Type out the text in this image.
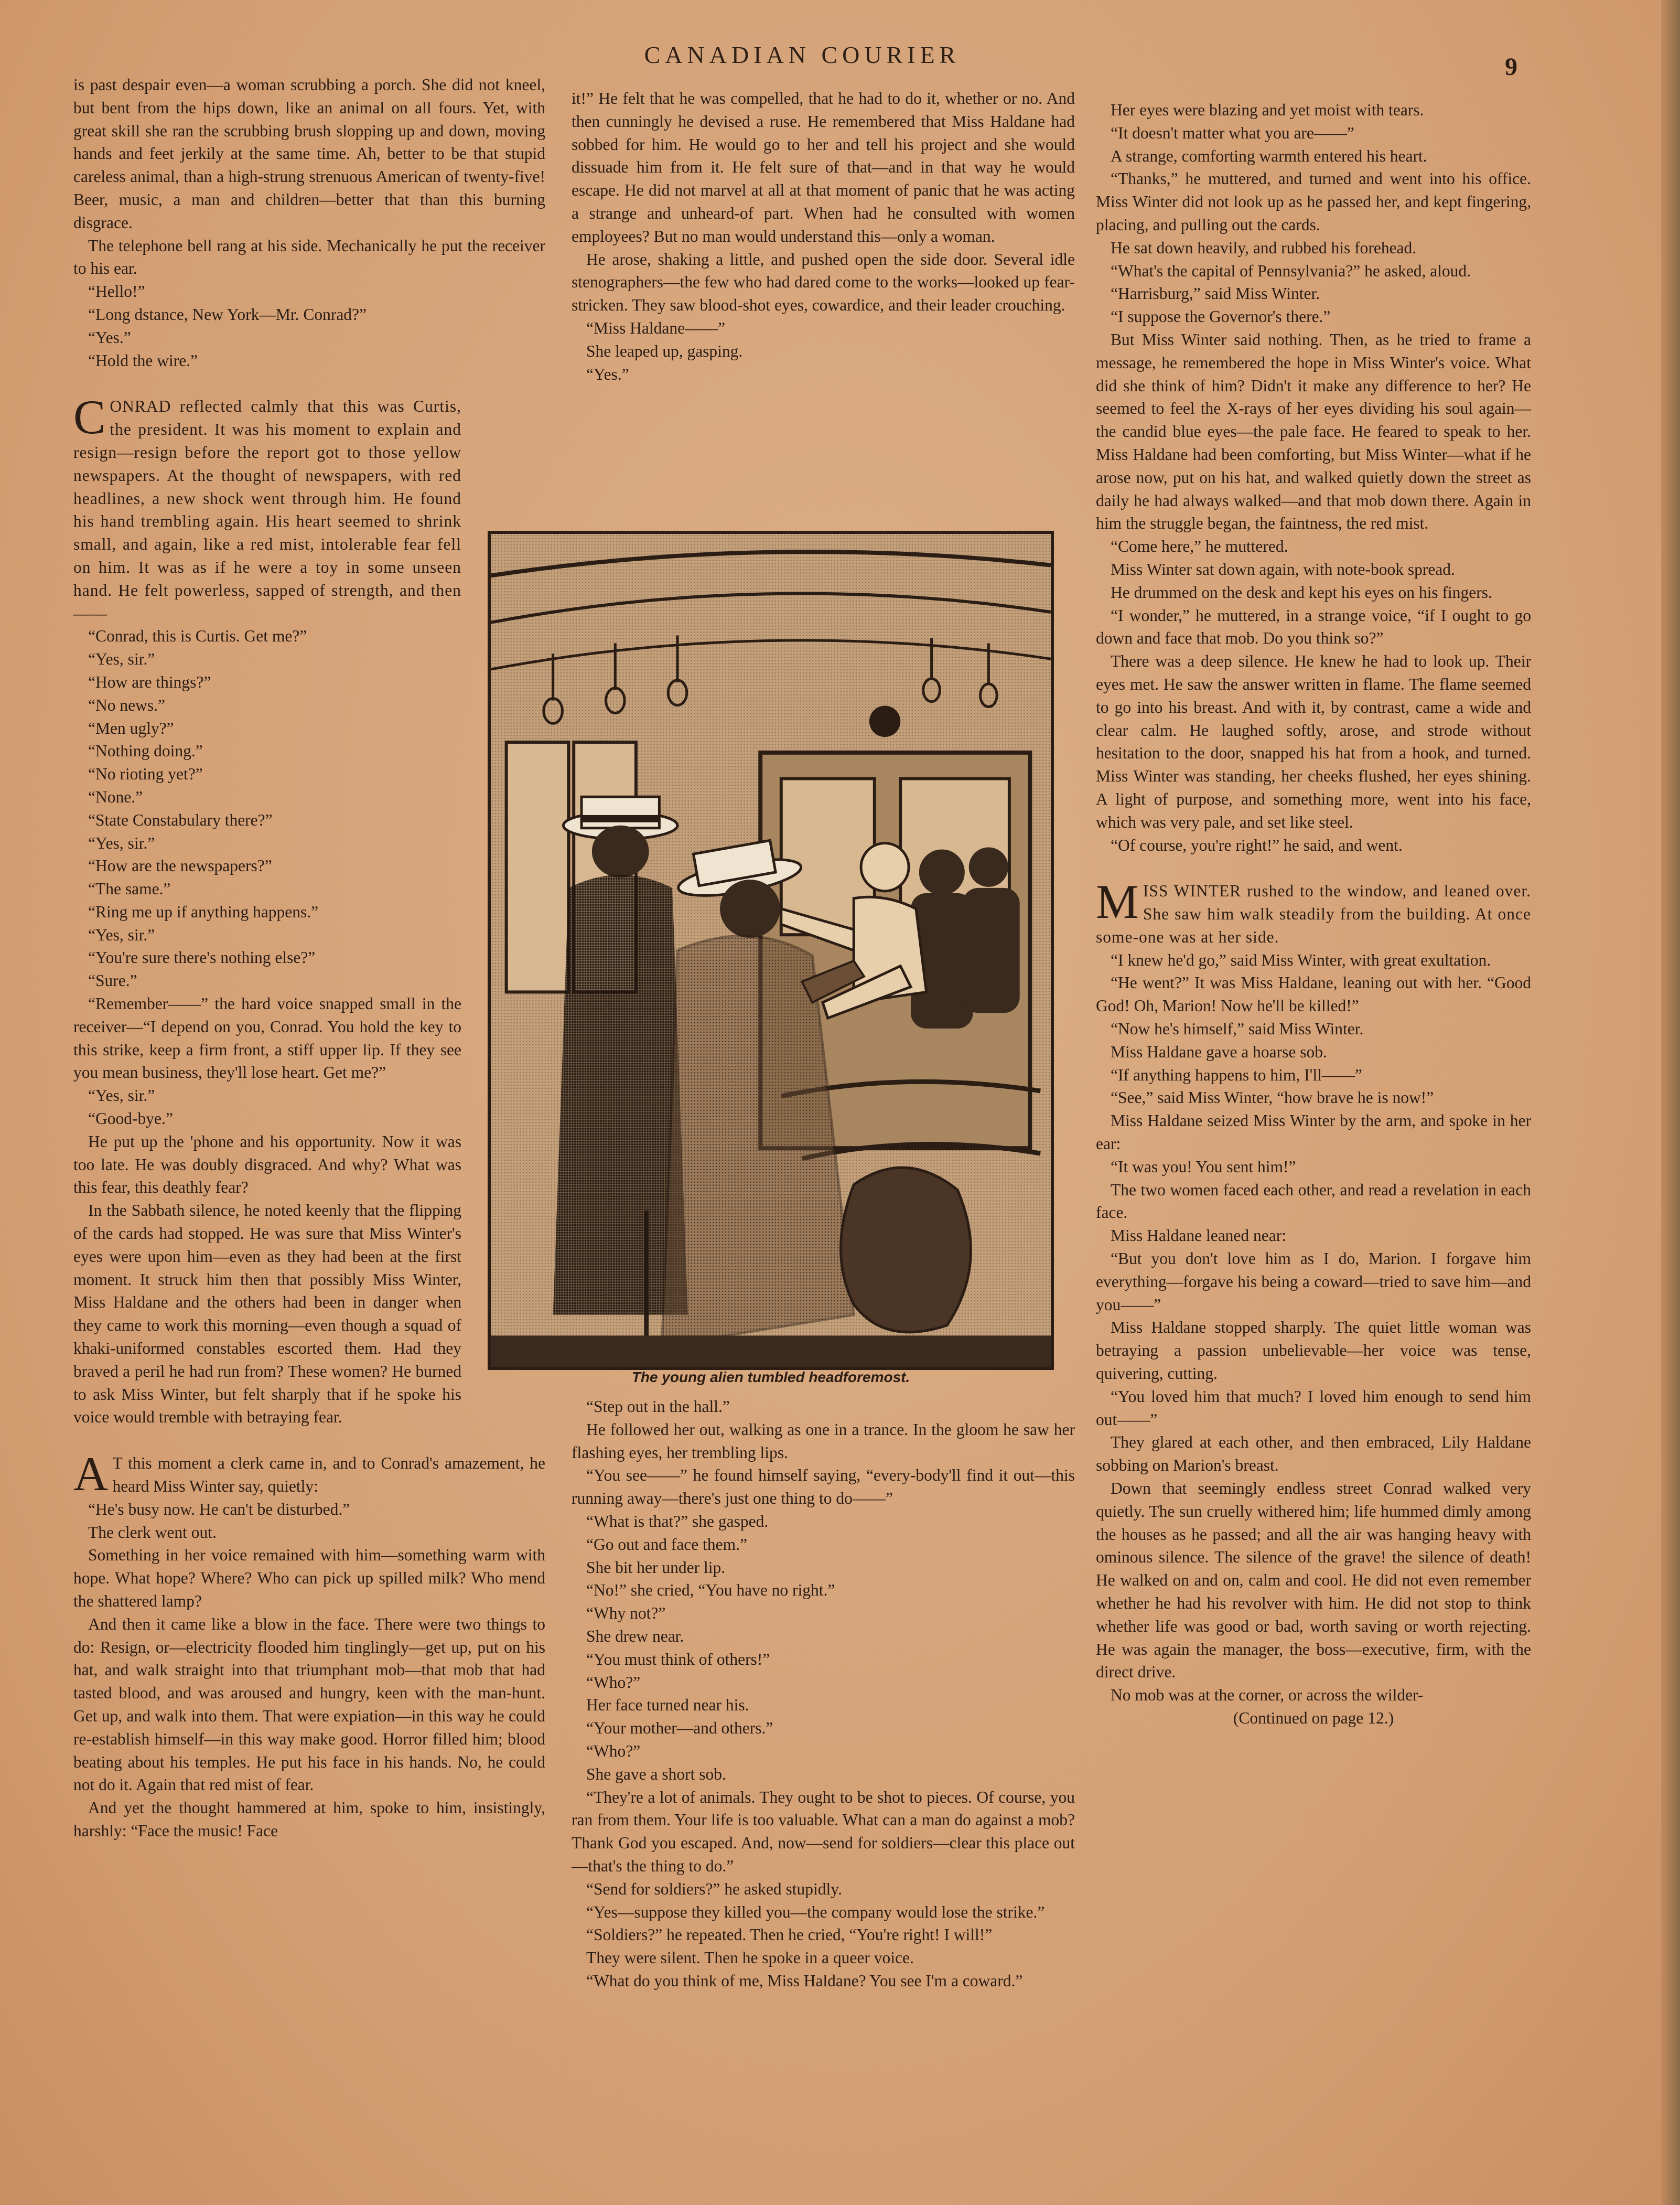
CANADIAN COURIER	9

is past despair even—a woman scrubbing a porch. She did not kneel, but bent from the hips down, like an animal on all fours. Yet, with great skill she ran the scrubbing brush slopping up and down, moving hands and feet jerkily at the same time. Ah, better to be that stupid careless animal, than a high-strung strenuous American of twenty-five! Beer, music, a man and children—better that than this burning disgrace.

The telephone bell rang at his side. Mechanically he put the receiver to his ear.

“Hello!”

“Long dstance, New York—Mr. Conrad?”

“Yes.”

“Hold the wire.”

CONRAD reflected calmly that this was Curtis, the president. It was his moment to explain and resign—resign before the report got to those yellow newspapers. At the thought of newspapers, with red headlines, a new shock went through him. He found his hand trembling again. His heart seemed to shrink small, and again, like a red mist, intolerable fear fell on him. It was as if he were a toy in some unseen hand. He felt powerless, sapped of strength, and then——

“Conrad, this is Curtis. Get me?”

“Yes, sir.”

“How are things?”

“No news.”

“Men ugly?”

“Nothing doing.”

“No rioting yet?”

“None.”

“State Constabulary there?”

“Yes, sir.”

“How are the newspapers?”

“The same.”

“Ring me up if anything happens.”

“Yes, sir.”

“You're sure there's nothing else?”

“Sure.”

“Remember——” the hard voice snapped small in the receiver—“I depend on you, Conrad. You hold the key to this strike, keep a firm front, a stiff upper lip. If they see you mean business, they'll lose heart. Get me?”

“Yes, sir.”

“Good-bye.”

He put up the 'phone and his opportunity. Now it was too late. He was doubly disgraced. And why? What was this fear, this deathly fear?

In the Sabbath silence, he noted keenly that the flipping of the cards had stopped. He was sure that Miss Winter's eyes were upon him—even as they had been at the first moment. It struck him then that possibly Miss Winter, Miss Haldane and the others had been in danger when they came to work this morning—even though a squad of khaki-uniformed constables escorted them. Had they braved a peril he had run from? These women? He burned to ask Miss Winter, but felt sharply that if he spoke his voice would tremble with betraying fear.

A T this moment a clerk came in, and to Conrad's amazement, he heard Miss Winter say, quietly:

“He's busy now. He can't be disturbed.”

The clerk went out.

Something in her voice remained with him—something warm with hope. What hope? Where? Who can pick up spilled milk? Who mend the shattered lamp?

And then it came like a blow in the face. There were two things to do: Resign, or—electricity flooded him tinglingly—get up, put on his hat, and walk straight into that triumphant mob—that mob that had tasted blood, and was aroused and hungry, keen with the man-hunt. Get up, and walk into them. That were expiation—in this way he could re-establish himself—in this way make good. Horror filled him; blood beating about his temples. He put his face in his hands. No, he could not do it. Again that red mist of fear.

And yet the thought hammered at him, spoke to him, insistingly, harshly: “Face the music! Face

it!” He felt that he was compelled, that he had to do it, whether or no. And then cunningly he devised a ruse. He remembered that Miss Haldane had sobbed for him. He would go to her and tell his project and she would dissuade him from it. He felt sure of that—and in that way he would escape. He did not marvel at all at that moment of panic that he was acting a strange and unheard-of part. When had he consulted with women employees? But no man would understand this—only a woman.

He arose, shaking a little, and pushed open the side door. Several idle stenographers—the few who had dared come to the works—looked up fear-stricken. They saw blood-shot eyes, cowardice, and their leader crouching.

“Miss Haldane——”

She leaped up, gasping.

“Yes.”

The young alien tumbled headforemost.

“Step out in the hall.”

He followed her out, walking as one in a trance. In the gloom he saw her flashing eyes, her trembling lips.

“You see——” he found himself saying, “every-body'll find it out—this running away—there's just one thing to do——”

“What is that?” she gasped.

“Go out and face them.”

She bit her under lip.

“No!” she cried, “You have no right.”

“Why not?”

She drew near.

“You must think of others!”

“Who?”

Her face turned near his.

“Your mother—and others.”

“Who?”

She gave a short sob.

“They're a lot of animals. They ought to be shot to pieces. Of course, you ran from them. Your life is too valuable. What can a man do against a mob? Thank God you escaped. And, now—send for soldiers—clear this place out—that's the thing to do.”

“Send for soldiers?” he asked stupidly.

“Yes—suppose they killed you—the company would lose the strike.”

“Soldiers?” he repeated. Then he cried, “You're right! I will!”

They were silent. Then he spoke in a queer voice.

“What do you think of me, Miss Haldane? You see I'm a coward.”

Her eyes were blazing and yet moist with tears.

“It doesn't matter what you are——”

A strange, comforting warmth entered his heart.

“Thanks,” he muttered, and turned and went into his office. Miss Winter did not look up as he passed her, and kept fingering, placing, and pulling out the cards.

He sat down heavily, and rubbed his forehead.

“What's the capital of Pennsylvania?” he asked, aloud.

“Harrisburg,” said Miss Winter.

“I suppose the Governor's there.”

But Miss Winter said nothing. Then, as he tried to frame a message, he remembered the hope in Miss Winter's voice. What did she think of him? Didn't it make any difference to her? He seemed to feel the X-rays of her eyes dividing his soul again—the candid blue eyes—the pale face. He feared to speak to her. Miss Haldane had been comforting, but Miss Winter—what if he arose now, put on his hat, and walked quietly down the street as daily he had always walked—and that mob down there. Again in him the struggle began, the faintness, the red mist.

“Come here,” he muttered.

Miss Winter sat down again, with note-book spread.

He drummed on the desk and kept his eyes on his fingers.

“I wonder,” he muttered, in a strange voice, “if I ought to go down and face that mob. Do you think so?”

There was a deep silence. He knew he had to look up. Their eyes met. He saw the answer written in flame. The flame seemed to go into his breast. And with it, by contrast, came a wide and clear calm. He laughed softly, arose, and strode without hesitation to the door, snapped his hat from a hook, and turned. Miss Winter was standing, her cheeks flushed, her eyes shining. A light of purpose, and something more, went into his face, which was very pale, and set like steel.

“Of course, you're right!” he said, and went.

MISS WINTER rushed to the window, and leaned over. She saw him walk steadily from the building. At once some-one was at her side.

“I knew he'd go,” said Miss Winter, with great exultation.

“He went?” It was Miss Haldane, leaning out with her. “Good God! Oh, Marion! Now he'll be killed!”

“Now he's himself,” said Miss Winter.

Miss Haldane gave a hoarse sob.

“If anything happens to him, I'll——”

“See,” said Miss Winter, “how brave he is now!”

Miss Haldane seized Miss Winter by the arm, and spoke in her ear:

“It was you! You sent him!”

The two women faced each other, and read a revelation in each face.

Miss Haldane leaned near:

“But you don't love him as I do, Marion. I forgave him everything—forgave his being a coward—tried to save him—and you——”

Miss Haldane stopped sharply. The quiet little woman was betraying a passion unbelievable—her voice was tense, quivering, cutting.

“You loved him that much? I loved him enough to send him out——”

They glared at each other, and then embraced, Lily Haldane sobbing on Marion's breast.

Down that seemingly endless street Conrad walked very quietly. The sun cruelly withered him; life hummed dimly among the houses as he passed; and all the air was hanging heavy with ominous silence. The silence of the grave! the silence of death! He walked on and on, calm and cool. He did not even remember whether he had his revolver with him. He did not stop to think whether life was good or bad, worth saving or worth rejecting. He was again the manager, the boss—executive, firm, with the direct drive.

No mob was at the corner, or across the wilder-

(Continued on page 12.)
